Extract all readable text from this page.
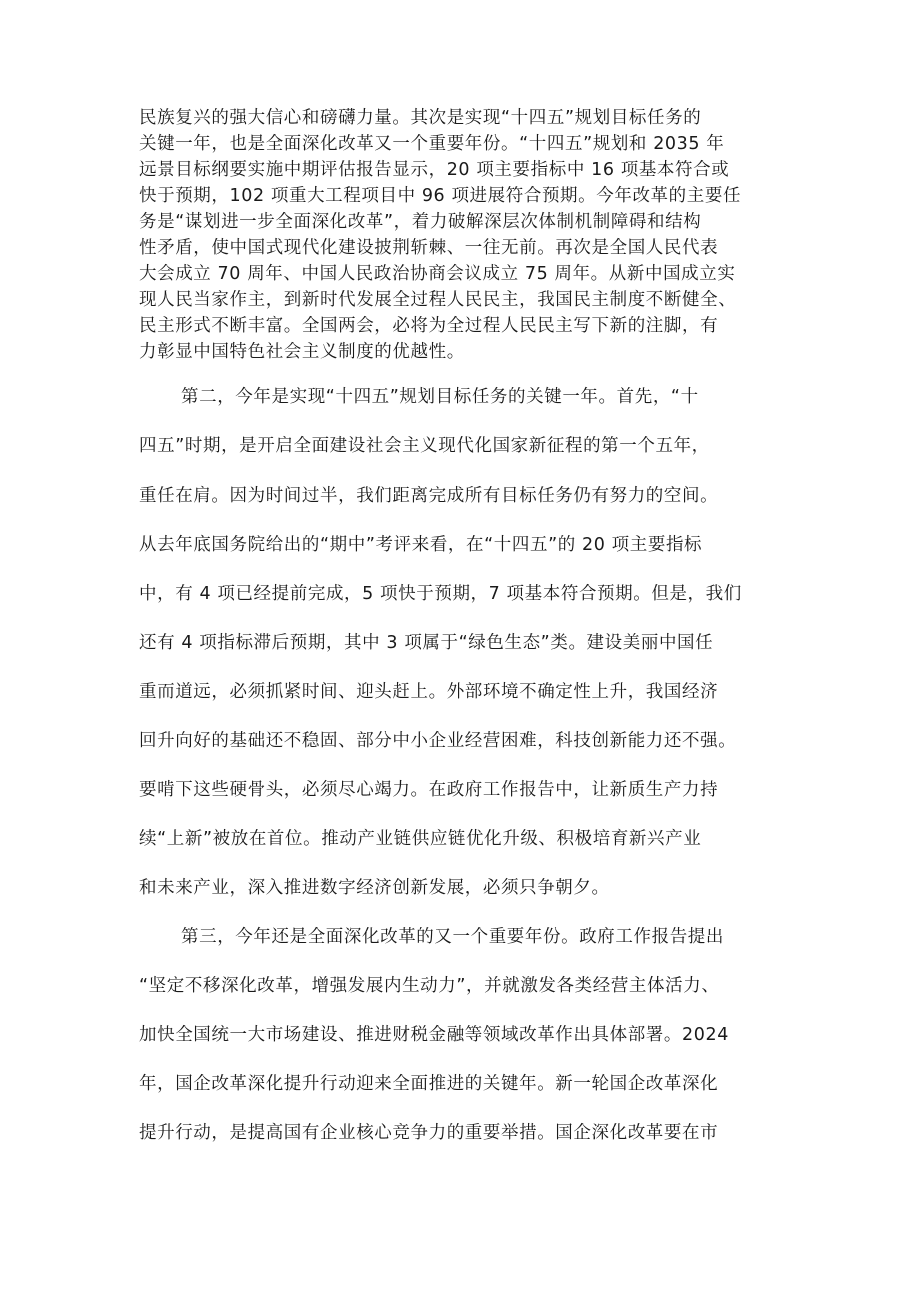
民族复兴的强大信心和磅礴力量。其次是实现“十四五”规划目标任务的
关键一年，也是全面深化改革又一个重要年份。“十四五”规划和 2035 年
远景目标纲要实施中期评估报告显示，20 项主要指标中 16 项基本符合或
快于预期，102 项重大工程项目中 96 项进展符合预期。今年改革的主要任
务是“谋划进一步全面深化改革”，着力破解深层次体制机制障碍和结构
性矛盾，使中国式现代化建设披荆斩棘、一往无前。再次是全国人民代表
大会成立 70 周年、中国人民政治协商会议成立 75 周年。从新中国成立实
现人民当家作主，到新时代发展全过程人民民主，我国民主制度不断健全、
民主形式不断丰富。全国两会，必将为全过程人民民主写下新的注脚，有
力彰显中国特色社会主义制度的优越性。
第二，今年是实现“十四五”规划目标任务的关键一年。首先，“十
四五”时期，是开启全面建设社会主义现代化国家新征程的第一个五年，
重任在肩。因为时间过半，我们距离完成所有目标任务仍有努力的空间。
从去年底国务院给出的“期中”考评来看，在“十四五”的 20 项主要指标
中，有 4 项已经提前完成，5 项快于预期，7 项基本符合预期。但是，我们
还有 4 项指标滞后预期，其中 3 项属于“绿色生态”类。建设美丽中国任
重而道远，必须抓紧时间、迎头赶上。外部环境不确定性上升，我国经济
回升向好的基础还不稳固、部分中小企业经营困难，科技创新能力还不强。
要啃下这些硬骨头，必须尽心竭力。在政府工作报告中，让新质生产力持
续“上新”被放在首位。推动产业链供应链优化升级、积极培育新兴产业
和未来产业，深入推进数字经济创新发展，必须只争朝夕。
第三，今年还是全面深化改革的又一个重要年份。政府工作报告提出
“坚定不移深化改革，增强发展内生动力”，并就激发各类经营主体活力、
加快全国统一大市场建设、推进财税金融等领域改革作出具体部署。2024
年，国企改革深化提升行动迎来全面推进的关键年。新一轮国企改革深化
提升行动，是提高国有企业核心竞争力的重要举措。国企深化改革要在市
